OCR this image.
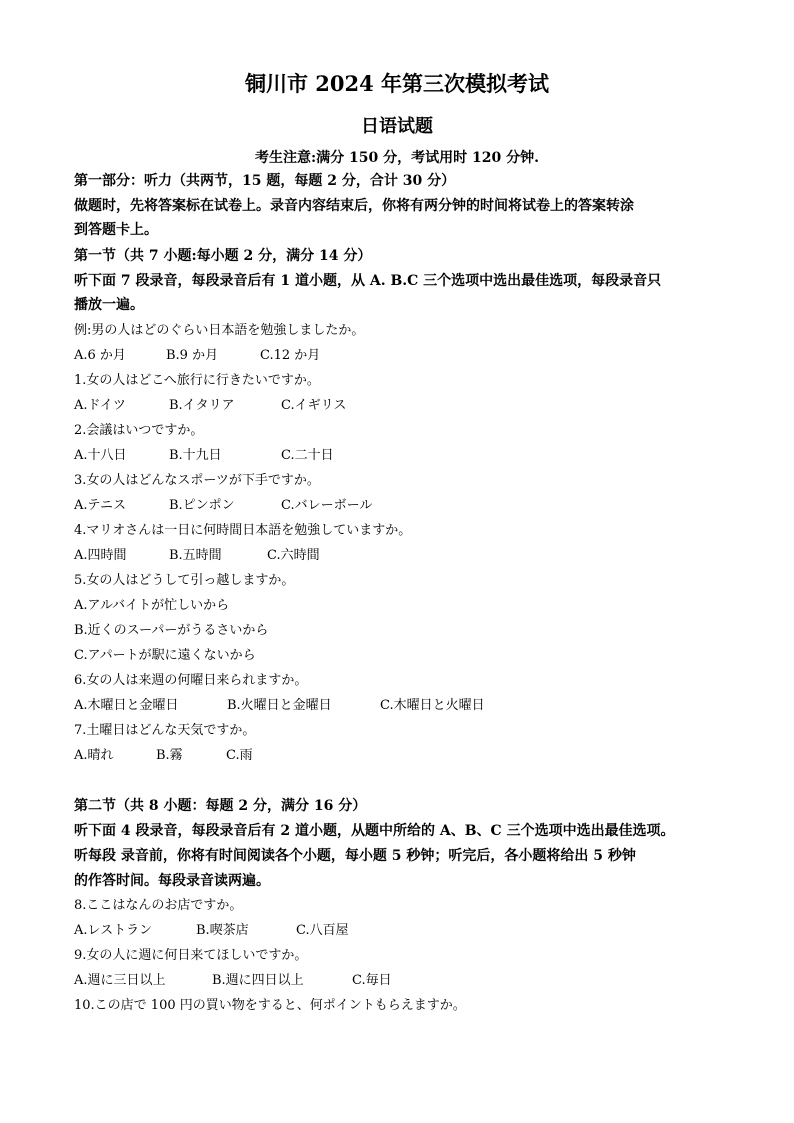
铜川市 2024 年第三次模拟考试
日语试题
考生注意:满分 150 分，考试用时 120 分钟.
第一部分：听力（共两节，15 题，每题 2 分，合计 30 分）
做题时，先将答案标在试卷上。录音内容结束后，你将有两分钟的时间将试卷上的答案转涂
到答题卡上。
第一节（共 7 小题:每小题 2 分，满分 14 分）
听下面 7 段录音，每段录音后有 1 道小题，从 A. B.C 三个选项中选出最佳选项，每段录音只
播放一遍。
例:男の人はどのぐらい日本語を勉強しましたか。
A.6 か月	B.9 か月	C.12 か月
1.女の人はどこへ旅行に行きたいですか。
A.ドイツ	B.イタリア	C.イギリス
2.会議はいつですか。
A.十八日	B.十九日	C.二十日
3.女の人はどんなスポーツが下手ですか。
A.テニス	B.ピンポン	C.バレーボール
4.マリオさんは一日に何時間日本語を勉強していますか。
A.四時間	B.五時間	C.六時間
5.女の人はどうして引っ越しますか。
A.アルバイトが忙しいから
B.近くのスーパーがうるさいから
C.アパートが駅に遠くないから
6.女の人は来週の何曜日来られますか。
A.木曜日と金曜日	B.火曜日と金曜日	C.木曜日と火曜日
7.土曜日はどんな天気ですか。
A.晴れ	B.霧	C.雨
第二节（共 8 小题：每题 2 分，满分 16 分）
听下面 4 段录音，每段录音后有 2 道小题，从题中所给的 A、B、C 三个选项中选出最佳选项。
听每段 录音前，你将有时间阅读各个小题，每小题 5 秒钟；听完后，各小题将给出 5 秒钟
的作答时间。每段录音读两遍。
8.ここはなんのお店ですか。
A.レストラン	B.喫茶店	C.八百屋
9.女の人に週に何日来てほしいですか。
A.週に三日以上	B.週に四日以上	C.毎日
10.この店で 100 円の買い物をすると、何ポイントもらえますか。
